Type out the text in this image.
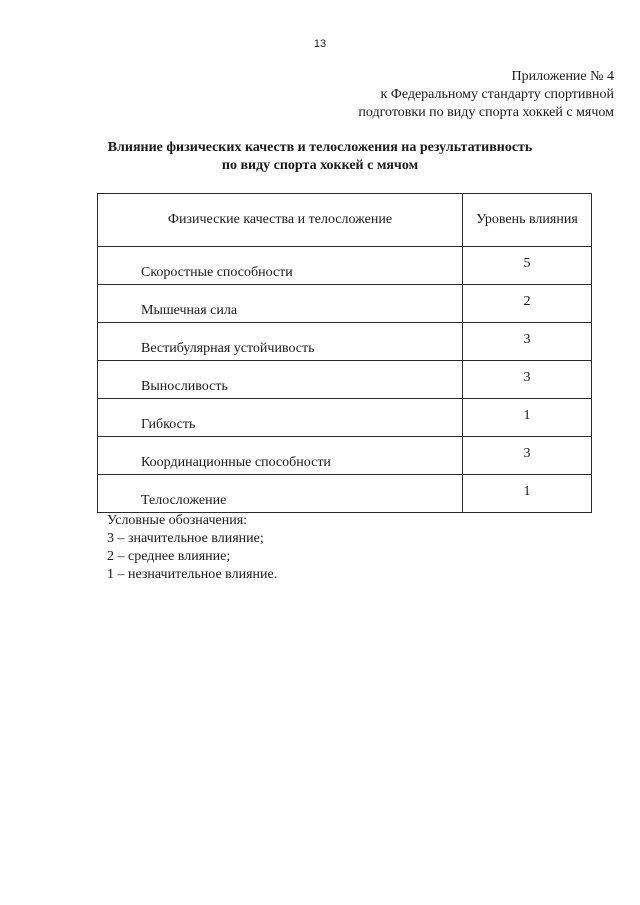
13
Приложение № 4
к Федеральному стандарту спортивной
подготовки по виду спорта хоккей с мячом
Влияние физических качеств и телосложения на результативность
по виду спорта хоккей с мячом
Физические качества и телосложение	Уровень влияния
Скоростные способности	5
Мышечная сила	2
Вестибулярная устойчивость	3
Выносливость	3
Гибкость	1
Координационные способности	3
Телосложение	1
Условные обозначения:
3 – значительное влияние;
2 – среднее влияние;
1 – незначительное влияние.
